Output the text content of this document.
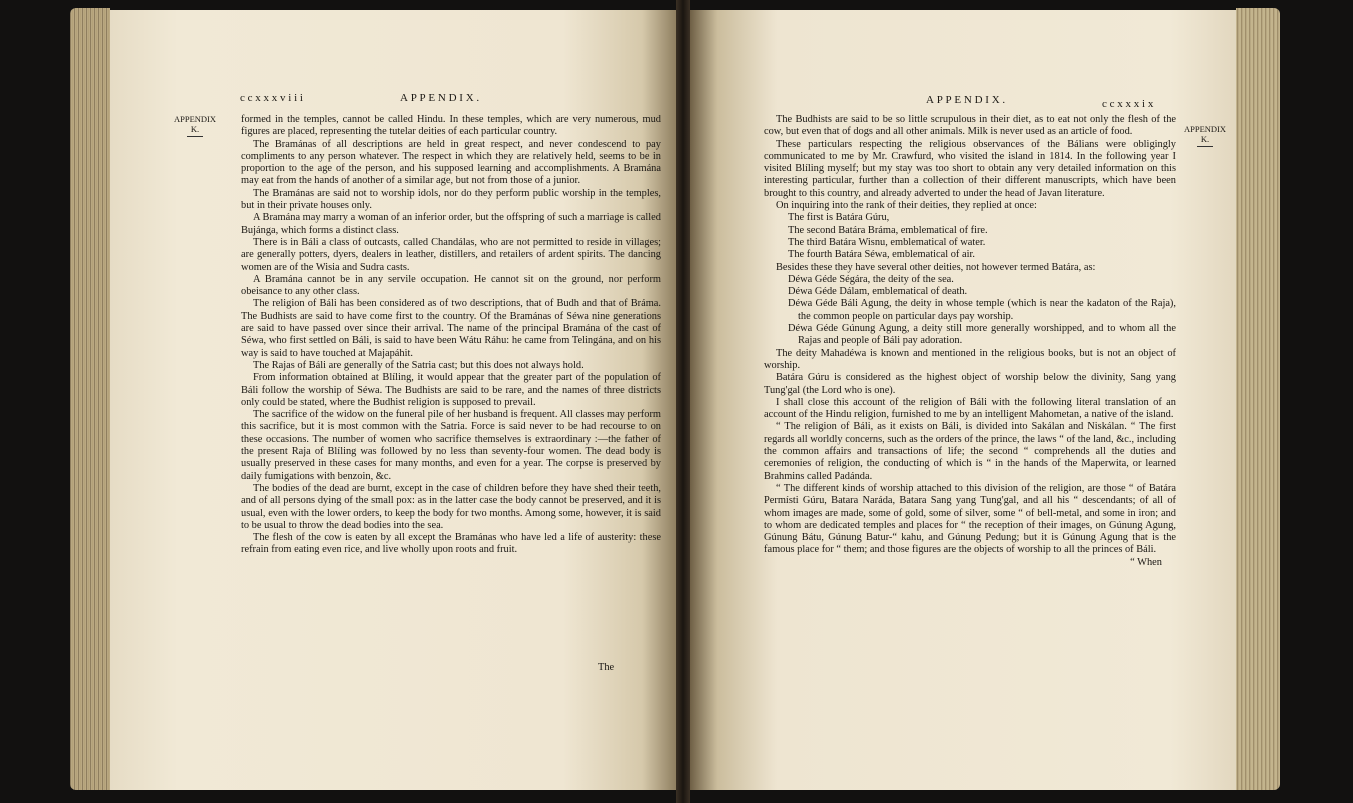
ccxxxviii	APPENDIX.
APPENDIX
K.

formed in the temples, cannot be called Hindu. In these temples, which are very numerous, mud figures are placed, representing the tutelar deities of each particular country.

The Bramánas of all descriptions are held in great respect, and never condescend to pay compliments to any person whatever. The respect in which they are relatively held, seems to be in proportion to the age of the person, and his supposed learning and accomplishments. A Bramána may eat from the hands of another of a similar age, but not from those of a junior.

The Bramánas are said not to worship idols, nor do they perform public worship in the temples, but in their private houses only.

A Bramána may marry a woman of an inferior order, but the offspring of such a marriage is called Bujánga, which forms a distinct class.

There is in Báli a class of outcasts, called Chandálas, who are not permitted to reside in villages; are generally potters, dyers, dealers in leather, distillers, and retailers of ardent spirits. The dancing women are of the Wisia and Sudra casts.

A Bramána cannot be in any servile occupation. He cannot sit on the ground, nor perform obeisance to any other class.

The religion of Báli has been considered as of two descriptions, that of Budh and that of Bráma. The Budhists are said to have come first to the country. Of the Bramánas of Séwa nine generations are said to have passed over since their arrival. The name of the principal Bramána of the cast of Séwa, who first settled on Báli, is said to have been Wátu Ráhu: he came from Telingána, and on his way is said to have touched at Majapáhit.

The Rajas of Báli are generally of the Satria cast; but this does not always hold.

From information obtained at Blíling, it would appear that the greater part of the population of Báli follow the worship of Séwa. The Budhists are said to be rare, and the names of three districts only could be stated, where the Budhist religion is supposed to prevail.

The sacrifice of the widow on the funeral pile of her husband is frequent. All classes may perform this sacrifice, but it is most common with the Satria. Force is said never to be had recourse to on these occasions. The number of women who sacrifice themselves is extraordinary :—the father of the present Raja of Blíling was followed by no less than seventy-four women. The dead body is usually preserved in these cases for many months, and even for a year. The corpse is preserved by daily fumigations with benzoin, &c.

The bodies of the dead are burnt, except in the case of children before they have shed their teeth, and of all persons dying of the small pox: as in the latter case the body cannot be preserved, and it is usual, even with the lower orders, to keep the body for two months. Among some, however, it is said to be usual to throw the dead bodies into the sea.

The flesh of the cow is eaten by all except the Bramánas who have led a life of austerity: these refrain from eating even rice, and live wholly upon roots and fruit.

The
APPENDIX.	ccxxxix
APPENDIX
K.

The Budhists are said to be so little scrupulous in their diet, as to eat not only the flesh of the cow, but even that of dogs and all other animals. Milk is never used as an article of food.

These particulars respecting the religious observances of the Bálians were obligingly communicated to me by Mr. Crawfurd, who visited the island in 1814. In the following year I visited Blíling myself; but my stay was too short to obtain any very detailed information on this interesting particular, further than a collection of their different manuscripts, which have been brought to this country, and already adverted to under the head of Javan literature.

On inquiring into the rank of their deities, they replied at once:

The first is Batára Gúru,

The second Batára Bráma, emblematical of fire.

The third Batára Wisnu, emblematical of water.

The fourth Batára Séwa, emblematical of air.

Besides these they have several other deities, not however termed Batára, as:

Déwa Géde Ségára, the deity of the sea.

Déwa Géde Dálam, emblematical of death.

Déwa Géde Báli Agung, the deity in whose temple (which is near the kadaton of the Raja), the common people on particular days pay worship.

Déwa Géde Gúnung Agung, a deity still more generally worshipped, and to whom all the Rajas and people of Báli pay adoration.

The deity Mahadéwa is known and mentioned in the religious books, but is not an object of worship.

Batára Gúru is considered as the highest object of worship below the divinity, Sang yang Tung'gal (the Lord who is one).

I shall close this account of the religion of Báli with the following literal translation of an account of the Hindu religion, furnished to me by an intelligent Mahometan, a native of the island.

“ The religion of Báli, as it exists on Báli, is divided into Sakálan and Niskálan. “ The first regards all worldly concerns, such as the orders of the prince, the laws “ of the land, &c., including the common affairs and transactions of life; the second “ comprehends all the duties and ceremonies of religion, the conducting of which is “ in the hands of the Maperwita, or learned Brahmins called Padánda.

“ The different kinds of worship attached to this division of the religion, are those “ of Batára Permísti Gúru, Batara Naráda, Batara Sang yang Tung'gal, and all his “ descendants; of all of whom images are made, some of gold, some of silver, some “ of bell-metal, and some in iron; and to whom are dedicated temples and places for “ the reception of their images, on Gúnung Agung, Gúnung Bátu, Gúnung Batur-“ kahu, and Gúnung Pedung; but it is Gúnung Agung that is the famous place for “ them; and those figures are the objects of worship to all the princes of Báli.

“ When
